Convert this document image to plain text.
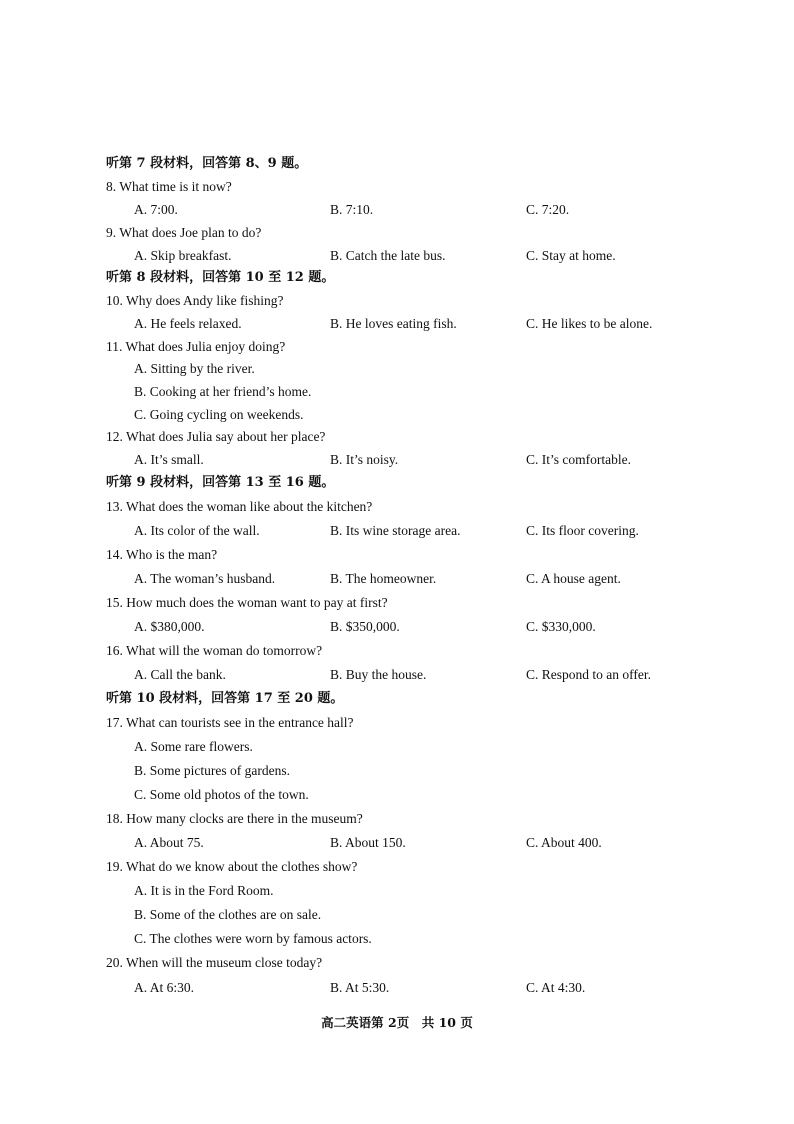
听第 7 段材料，回答第 8、9 题。
8. What time is it now?
A. 7:00.	B. 7:10.	C. 7:20.
9. What does Joe plan to do?
A. Skip breakfast.	B. Catch the late bus.	C. Stay at home.
听第 8 段材料，回答第 10 至 12 题。
10. Why does Andy like fishing?
A. He feels relaxed.	B. He loves eating fish.	C. He likes to be alone.
11. What does Julia enjoy doing?
A. Sitting by the river.
B. Cooking at her friend’s home.
C. Going cycling on weekends.
12. What does Julia say about her place?
A. It’s small.	B. It’s noisy.	C. It’s comfortable.
听第 9 段材料，回答第 13 至 16 题。
13. What does the woman like about the kitchen?
A. Its color of the wall.	B. Its wine storage area.	C. Its floor covering.
14. Who is the man?
A. The woman’s husband.	B. The homeowner.	C. A house agent.
15. How much does the woman want to pay at first?
A. $380,000.	B. $350,000.	C. $330,000.
16. What will the woman do tomorrow?
A. Call the bank.	B. Buy the house.	C. Respond to an offer.
听第 10 段材料，回答第 17 至 20 题。
17. What can tourists see in the entrance hall?
A. Some rare flowers.
B. Some pictures of gardens.
C. Some old photos of the town.
18. How many clocks are there in the museum?
A. About 75.	B. About 150.	C. About 400.
19. What do we know about the clothes show?
A. It is in the Ford Room.
B. Some of the clothes are on sale.
C. The clothes were worn by famous actors.
20. When will the museum close today?
A. At 6:30.	B. At 5:30.	C. At 4:30.
高二英语第 2页　共 10 页
